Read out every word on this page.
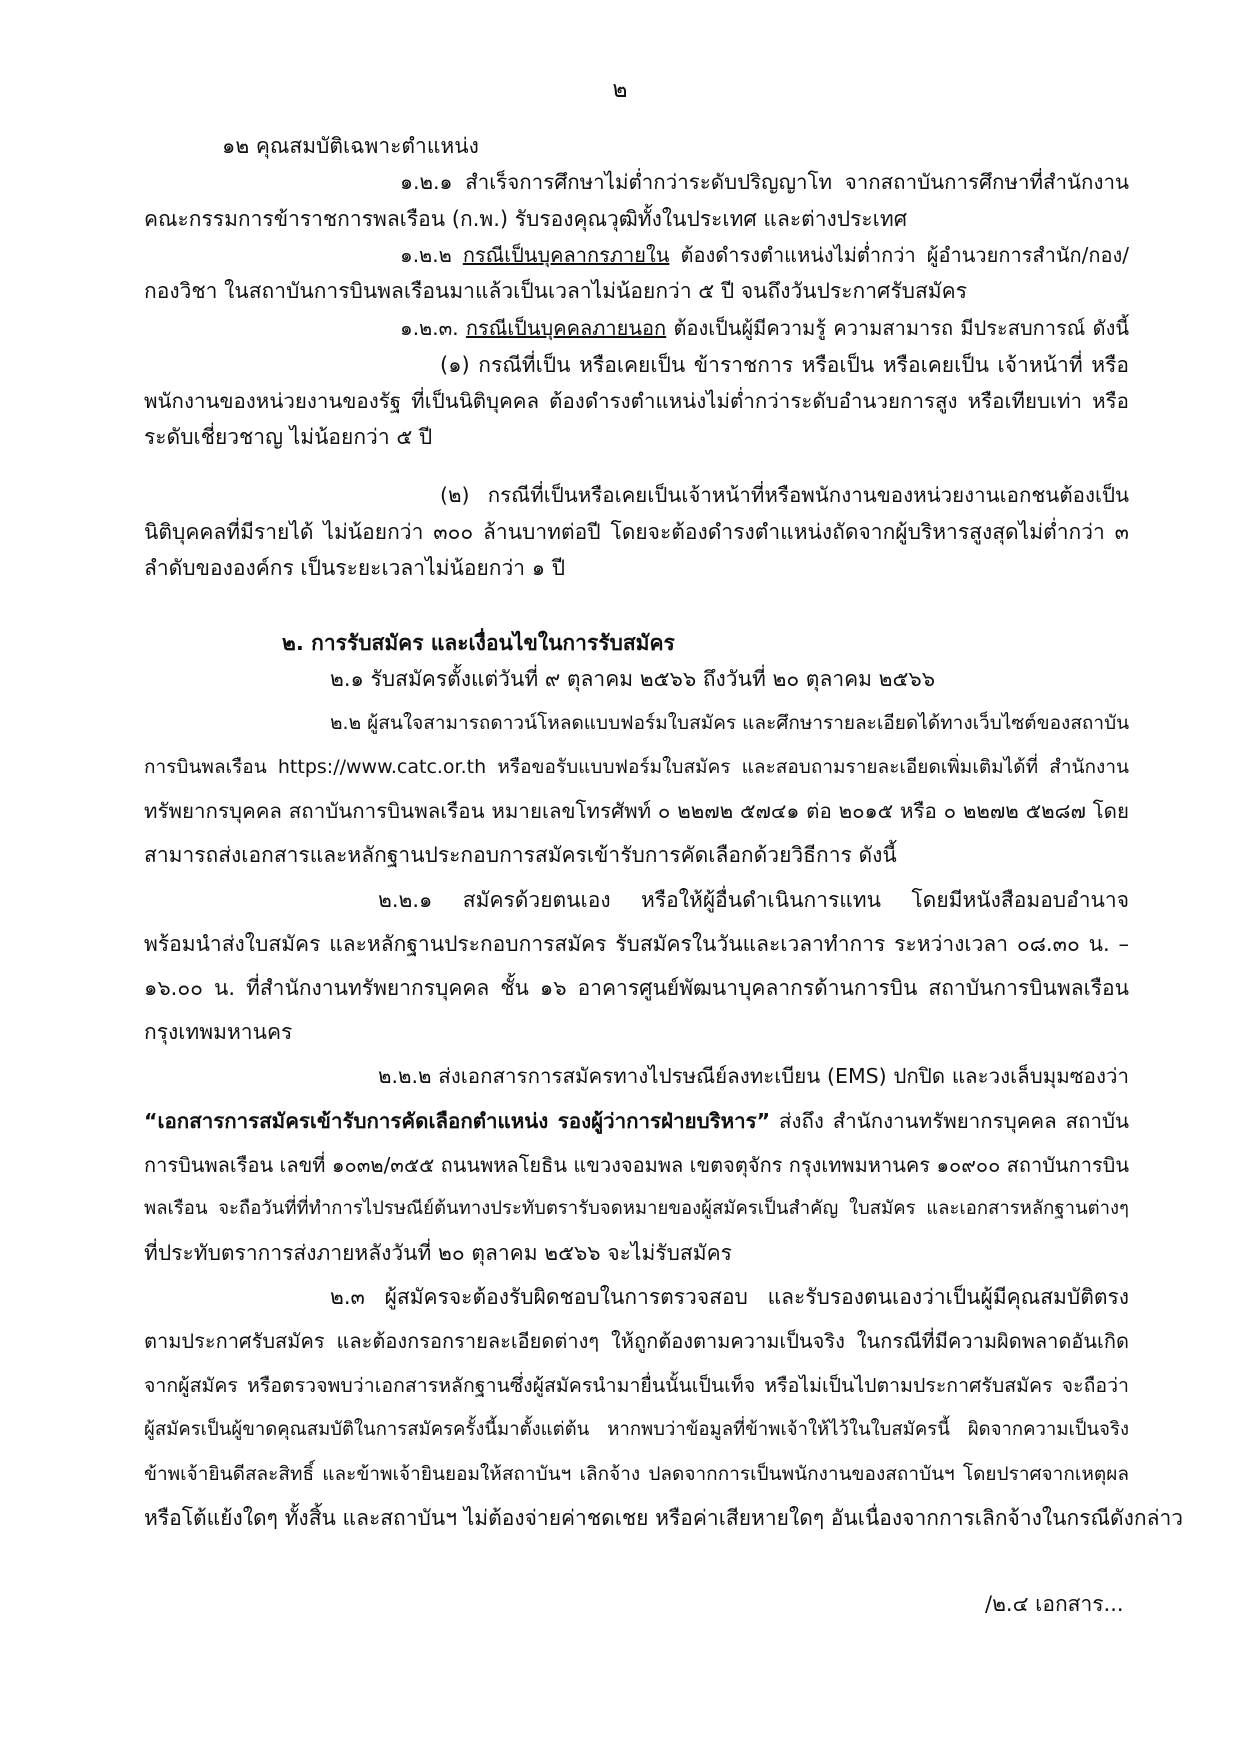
๒
๑๒ คุณสมบัติเฉพาะตำแหน่ง
๑.๒.๑ สำเร็จการศึกษาไม่ต่ำกว่าระดับปริญญาโท จากสถาบันการศึกษาที่สำนักงาน
คณะกรรมการข้าราชการพลเรือน (ก.พ.) รับรองคุณวุฒิทั้งในประเทศ และต่างประเทศ
๑.๒.๒ กรณีเป็นบุคลากรภายใน ต้องดำรงตำแหน่งไม่ต่ำกว่า ผู้อำนวยการสำนัก/กอง/
กองวิชา ในสถาบันการบินพลเรือนมาแล้วเป็นเวลาไม่น้อยกว่า ๕ ปี จนถึงวันประกาศรับสมัคร
๑.๒.๓. กรณีเป็นบุคคลภายนอก ต้องเป็นผู้มีความรู้ ความสามารถ มีประสบการณ์ ดังนี้
(๑) กรณีที่เป็น หรือเคยเป็น ข้าราชการ หรือเป็น หรือเคยเป็น เจ้าหน้าที่ หรือ
พนักงานของหน่วยงานของรัฐ ที่เป็นนิติบุคคล ต้องดำรงตำแหน่งไม่ต่ำกว่าระดับอำนวยการสูง หรือเทียบเท่า หรือ
ระดับเชี่ยวชาญ ไม่น้อยกว่า ๕ ปี
(๒) กรณีที่เป็นหรือเคยเป็นเจ้าหน้าที่หรือพนักงานของหน่วยงานเอกชนต้องเป็น
นิติบุคคลที่มีรายได้ ไม่น้อยกว่า ๓๐๐ ล้านบาทต่อปี โดยจะต้องดำรงตำแหน่งถัดจากผู้บริหารสูงสุดไม่ต่ำกว่า ๓
ลำดับขององค์กร เป็นระยะเวลาไม่น้อยกว่า ๑ ปี
๒. การรับสมัคร และเงื่อนไขในการรับสมัคร
๒.๑ รับสมัครตั้งแต่วันที่ ๙ ตุลาคม ๒๕๖๖ ถึงวันที่ ๒๐ ตุลาคม ๒๕๖๖
๒.๒ ผู้สนใจสามารถดาวน์โหลดแบบฟอร์มใบสมัคร และศึกษารายละเอียดได้ทางเว็บไซต์ของสถาบัน
การบินพลเรือน https://www.catc.or.th หรือขอรับแบบฟอร์มใบสมัคร และสอบถามรายละเอียดเพิ่มเติมได้ที่ สำนักงาน
ทรัพยากรบุคคล สถาบันการบินพลเรือน หมายเลขโทรศัพท์ ๐ ๒๒๗๒ ๕๗๔๑ ต่อ ๒๐๑๕ หรือ ๐ ๒๒๗๒ ๕๒๘๗ โดย
สามารถส่งเอกสารและหลักฐานประกอบการสมัครเข้ารับการคัดเลือกด้วยวิธีการ ดังนี้
๒.๒.๑ สมัครด้วยตนเอง หรือให้ผู้อื่นดำเนินการแทน โดยมีหนังสือมอบอำนาจ
พร้อมนำส่งใบสมัคร และหลักฐานประกอบการสมัคร รับสมัครในวันและเวลาทำการ ระหว่างเวลา ๐๘.๓๐ น. –
๑๖.๐๐ น. ที่สำนักงานทรัพยากรบุคคล ชั้น ๑๖ อาคารศูนย์พัฒนาบุคลากรด้านการบิน สถาบันการบินพลเรือน
กรุงเทพมหานคร
๒.๒.๒ ส่งเอกสารการสมัครทางไปรษณีย์ลงทะเบียน (EMS) ปกปิด และวงเล็บมุมซองว่า
“เอกสารการสมัครเข้ารับการคัดเลือกตำแหน่ง รองผู้ว่าการฝ่ายบริหาร” ส่งถึง สำนักงานทรัพยากรบุคคล สถาบัน
การบินพลเรือน เลขที่ ๑๐๓๒/๓๕๕ ถนนพหลโยธิน แขวงจอมพล เขตจตุจักร กรุงเทพมหานคร ๑๐๙๐๐ สถาบันการบิน
พลเรือน จะถือวันที่ที่ทำการไปรษณีย์ต้นทางประทับตรารับจดหมายของผู้สมัครเป็นสำคัญ ใบสมัคร และเอกสารหลักฐานต่างๆ
ที่ประทับตราการส่งภายหลังวันที่ ๒๐ ตุลาคม ๒๕๖๖ จะไม่รับสมัคร
๒.๓ ผู้สมัครจะต้องรับผิดชอบในการตรวจสอบ และรับรองตนเองว่าเป็นผู้มีคุณสมบัติตรง
ตามประกาศรับสมัคร และต้องกรอกรายละเอียดต่างๆ ให้ถูกต้องตามความเป็นจริง ในกรณีที่มีความผิดพลาดอันเกิด
จากผู้สมัคร หรือตรวจพบว่าเอกสารหลักฐานซึ่งผู้สมัครนำมายื่นนั้นเป็นเท็จ หรือไม่เป็นไปตามประกาศรับสมัคร จะถือว่า
ผู้สมัครเป็นผู้ขาดคุณสมบัติในการสมัครครั้งนี้มาตั้งแต่ต้น หากพบว่าข้อมูลที่ข้าพเจ้าให้ไว้ในใบสมัครนี้ ผิดจากความเป็นจริง
ข้าพเจ้ายินดีสละสิทธิ์ และข้าพเจ้ายินยอมให้สถาบันฯ เลิกจ้าง ปลดจากการเป็นพนักงานของสถาบันฯ โดยปราศจากเหตุผล
หรือโต้แย้งใดๆ ทั้งสิ้น และสถาบันฯ ไม่ต้องจ่ายค่าชดเชย หรือค่าเสียหายใดๆ อันเนื่องจากการเลิกจ้างในกรณีดังกล่าว
/๒.๔ เอกสาร...
